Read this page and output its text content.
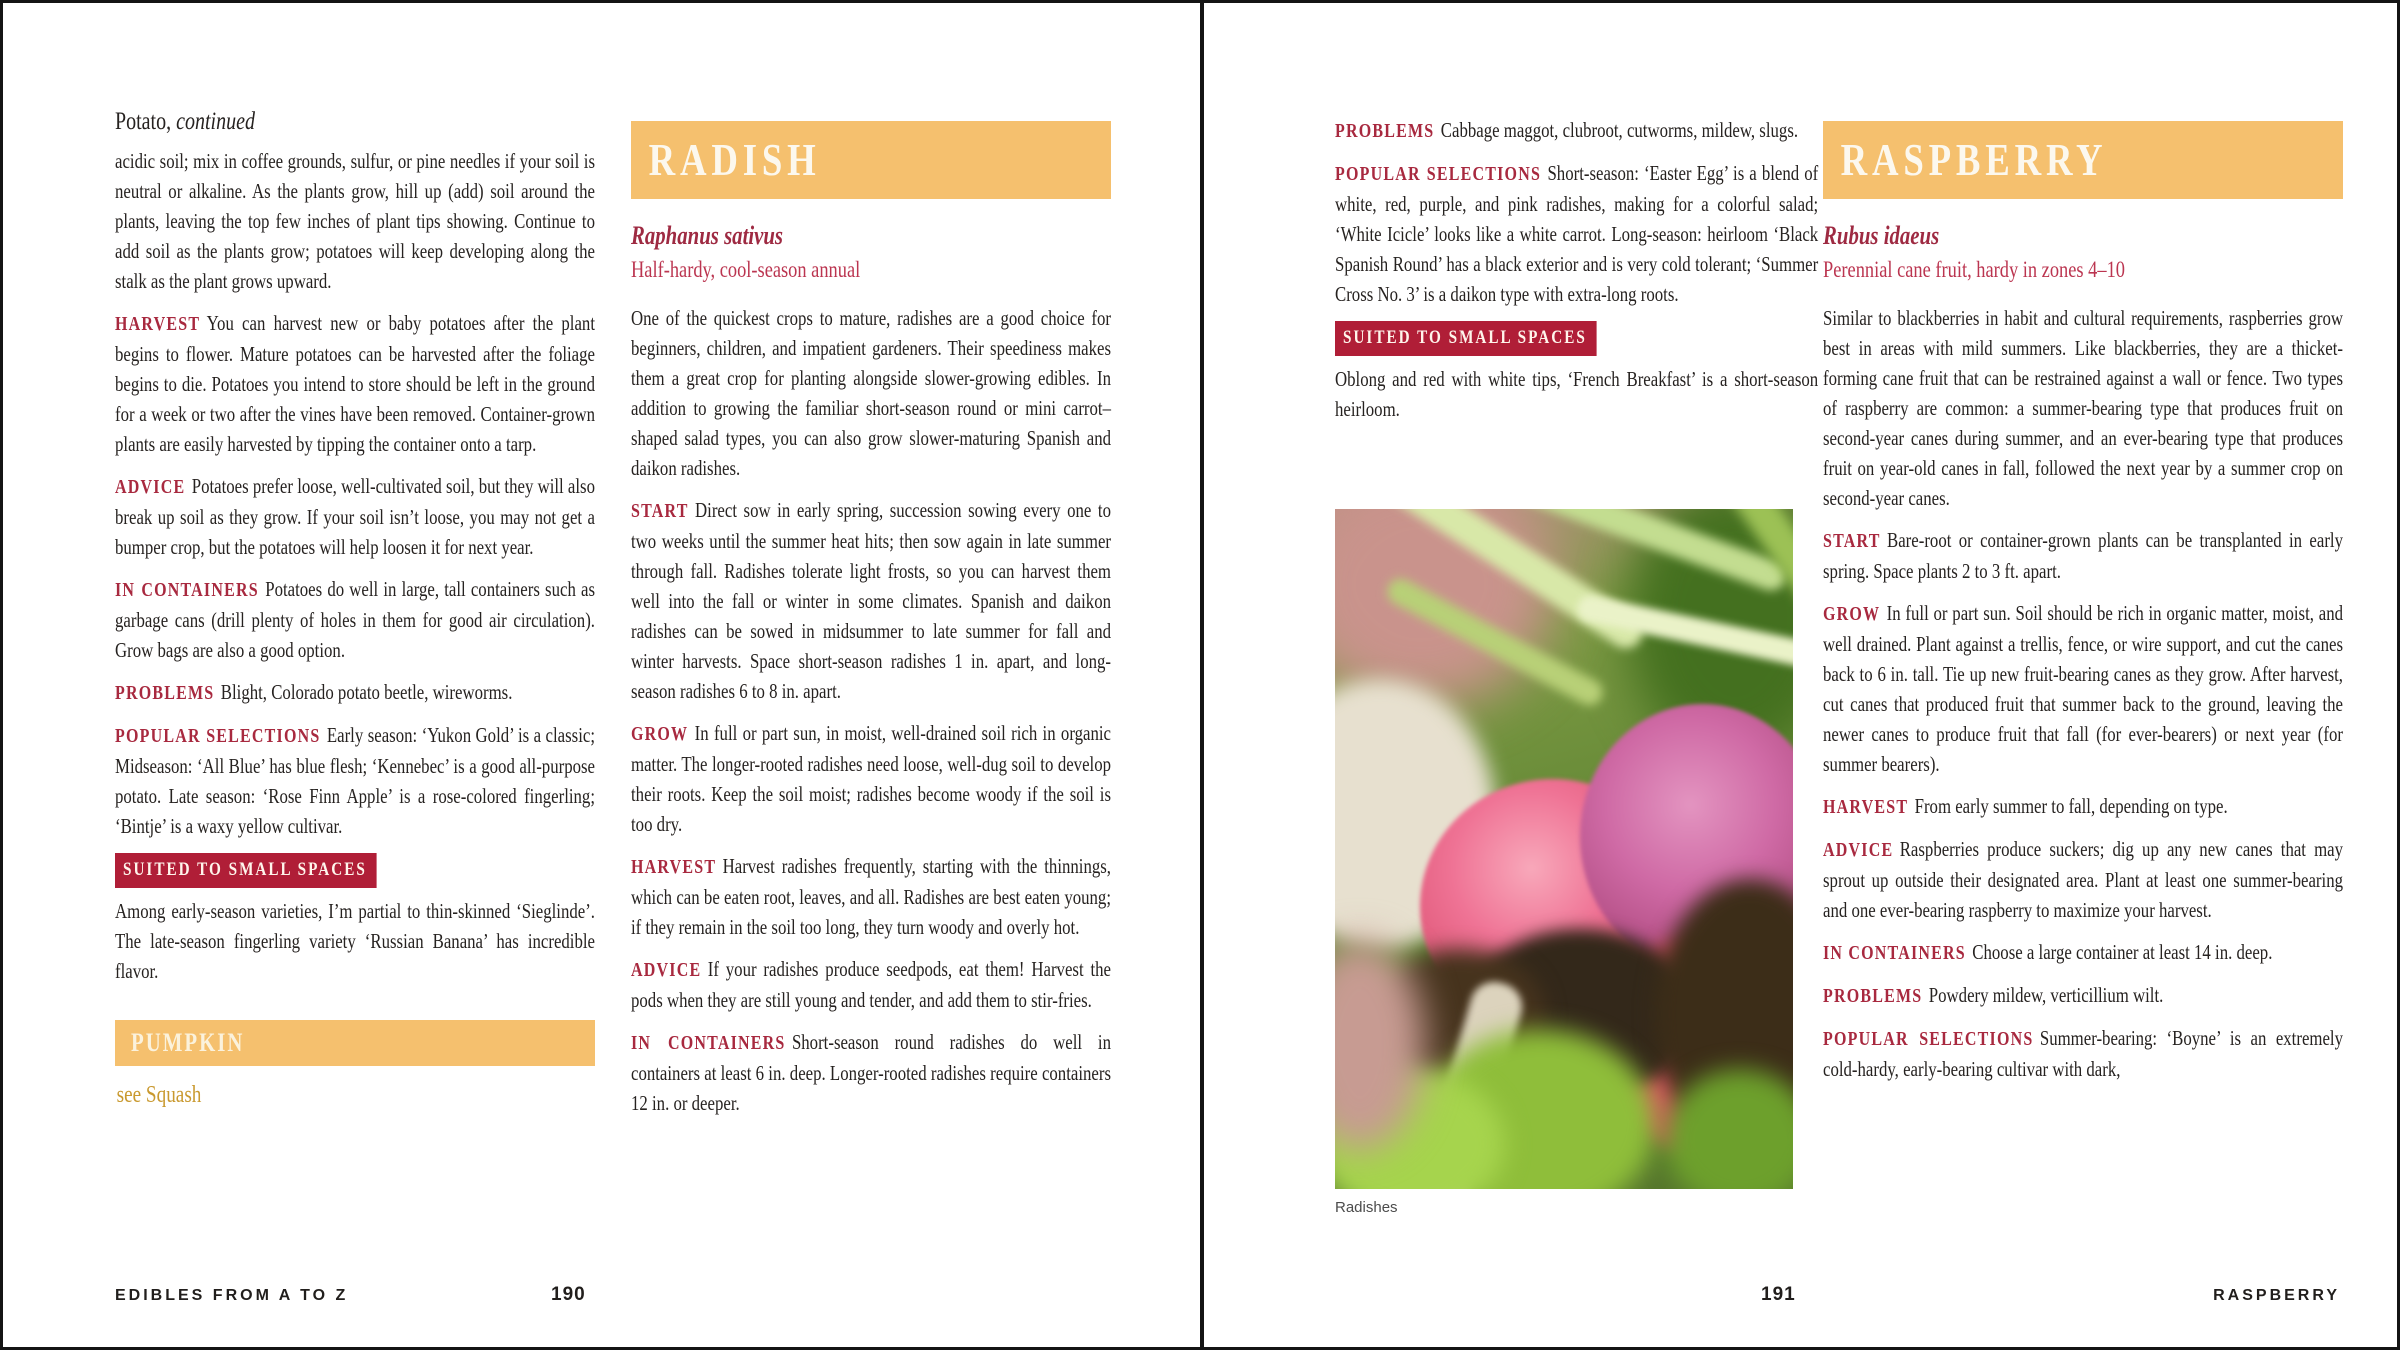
Potato, continued

acidic soil; mix in coffee grounds, sulfur, or pine needles if your soil is neutral or alkaline. As the plants grow, hill up (add) soil around the plants, leaving the top few inches of plant tips showing. Continue to add soil as the plants grow; potatoes will keep developing along the stalk as the plant grows upward.

HARVEST You can harvest new or baby potatoes after the plant begins to flower. Mature potatoes can be harvested after the foliage begins to die. Potatoes you intend to store should be left in the ground for a week or two after the vines have been removed. Container-grown plants are easily harvested by tipping the container onto a tarp.

ADVICE Potatoes prefer loose, well-cultivated soil, but they will also break up soil as they grow. If your soil isn’t loose, you may not get a bumper crop, but the potatoes will help loosen it for next year.

IN CONTAINERS Potatoes do well in large, tall containers such as garbage cans (drill plenty of holes in them for good air circulation). Grow bags are also a good option.

PROBLEMS Blight, Colorado potato beetle, wireworms.

POPULAR SELECTIONS Early season: ‘Yukon Gold’ is a classic; Midseason: ‘All Blue’ has blue flesh; ‘Kennebec’ is a good all-purpose potato. Late season: ‘Rose Finn Apple’ is a rose-colored fingerling; ‘Bintje’ is a waxy yellow cultivar.

SUITED TO SMALL SPACES

Among early-season varieties, I’m partial to thin-skinned ‘Sieglinde’. The late-season fingerling variety ‘Russian Banana’ has incredible flavor.

PUMPKIN
see Squash
RADISH
Raphanus sativus
Half-hardy, cool-season annual

One of the quickest crops to mature, radishes are a good choice for beginners, children, and impatient gardeners. Their speediness makes them a great crop for planting alongside slower-growing edibles. In addition to growing the familiar short-season round or mini carrot–shaped salad types, you can also grow slower-maturing Spanish and daikon radishes.

START Direct sow in early spring, succession sowing every one to two weeks until the summer heat hits; then sow again in late summer through fall. Radishes tolerate light frosts, so you can harvest them well into the fall or winter in some climates. Spanish and daikon radishes can be sowed in midsummer to late summer for fall and winter harvests. Space short-season radishes 1 in. apart, and long-season radishes 6 to 8 in. apart.

GROW In full or part sun, in moist, well-drained soil rich in organic matter. The longer-rooted radishes need loose, well-dug soil to develop their roots. Keep the soil moist; radishes become woody if the soil is too dry.

HARVEST Harvest radishes frequently, starting with the thinnings, which can be eaten root, leaves, and all. Radishes are best eaten young; if they remain in the soil too long, they turn woody and overly hot.

ADVICE If your radishes produce seedpods, eat them! Harvest the pods when they are still young and tender, and add them to stir-fries.

IN CONTAINERS Short-season round radishes do well in containers at least 6 in. deep. Longer-rooted radishes require containers 12 in. or deeper.

PROBLEMS Cabbage maggot, clubroot, cutworms, mildew, slugs.

POPULAR SELECTIONS Short-season: ‘Easter Egg’ is a blend of white, red, purple, and pink radishes, making for a colorful salad; ‘White Icicle’ looks like a white carrot. Long-season: heirloom ‘Black Spanish Round’ has a black exterior and is very cold tolerant; ‘Summer Cross No. 3’ is a daikon type with extra-long roots.

SUITED TO SMALL SPACES

Oblong and red with white tips, ‘French Breakfast’ is a short-season heirloom.

Radishes
RASPBERRY
Rubus idaeus
Perennial cane fruit, hardy in zones 4–10

Similar to blackberries in habit and cultural requirements, raspberries grow best in areas with mild summers. Like blackberries, they are a thicket-forming cane fruit that can be restrained against a wall or fence. Two types of raspberry are common: a summer-bearing type that produces fruit on second-year canes during summer, and an ever-bearing type that produces fruit on year-old canes in fall, followed the next year by a summer crop on second-year canes.

START Bare-root or container-grown plants can be transplanted in early spring. Space plants 2 to 3 ft. apart.

GROW In full or part sun. Soil should be rich in organic matter, moist, and well drained. Plant against a trellis, fence, or wire support, and cut the canes back to 6 in. tall. Tie up new fruit-bearing canes as they grow. After harvest, cut canes that produced fruit that summer back to the ground, leaving the newer canes to produce fruit that fall (for ever-bearers) or next year (for summer bearers).

HARVEST From early summer to fall, depending on type.

ADVICE Raspberries produce suckers; dig up any new canes that may sprout up outside their designated area. Plant at least one summer-bearing and one ever-bearing raspberry to maximize your harvest.

IN CONTAINERS Choose a large container at least 14 in. deep.

PROBLEMS Powdery mildew, verticillium wilt.

POPULAR SELECTIONS Summer-bearing: ‘Boyne’ is an extremely cold-hardy, early-bearing cultivar with dark,

EDIBLES FROM A TO Z	190	191	RASPBERRY
